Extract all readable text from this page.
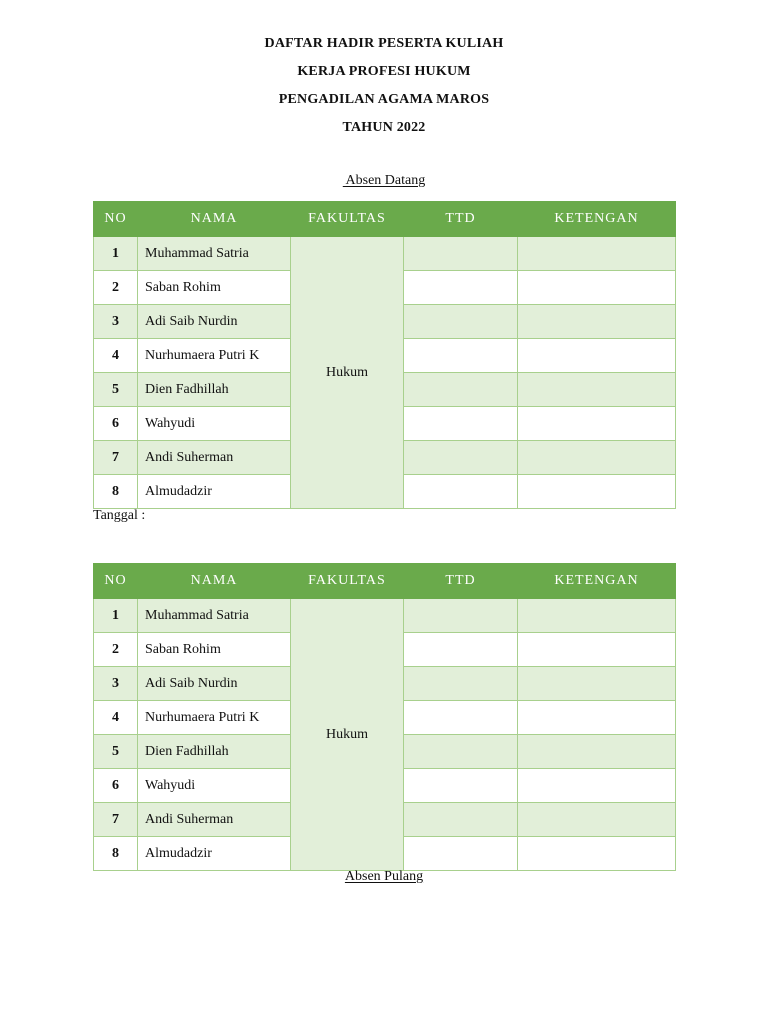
DAFTAR HADIR PESERTA KULIAH
KERJA PROFESI HUKUM
PENGADILAN AGAMA MAROS
TAHUN 2022
Absen Datang
NO	NAMA	FAKULTAS	TTD	KETENGAN
1	Muhammad Satria	Hukum		
2	Saban Rohim			
3	Adi Saib Nurdin			
4	Nurhumaera Putri K			
5	Dien Fadhillah			
6	Wahyudi			
7	Andi Suherman			
8	Almudadzir			
Tanggal :
NO	NAMA	FAKULTAS	TTD	KETENGAN
1	Muhammad Satria	Hukum		
2	Saban Rohim			
3	Adi Saib Nurdin			
4	Nurhumaera Putri K			
5	Dien Fadhillah			
6	Wahyudi			
7	Andi Suherman			
8	Almudadzir			
Absen Pulang
